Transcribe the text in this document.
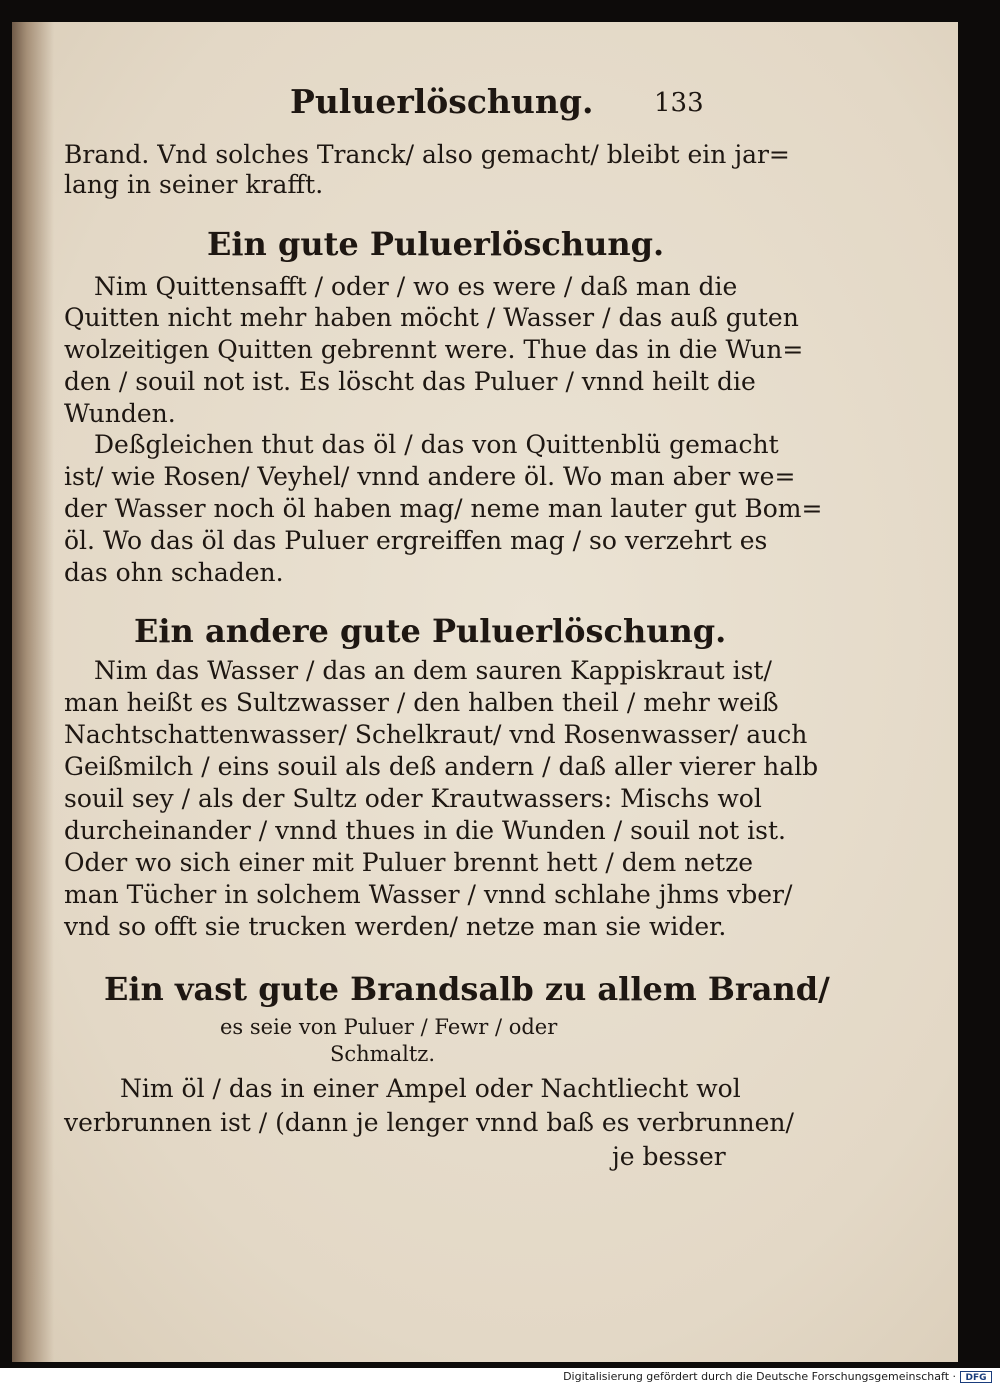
Puluerlöschung. 133
Brand. Vnd solches Tranck/ also gemacht/ bleibt ein jar=
lang in seiner krafft.
Ein gute Puluerlöschung.
Nim Quittensafft / oder / wo es were / daß man die
Quitten nicht mehr haben möcht / Wasser / das auß guten
wolzeitigen Quitten gebrennt were. Thue das in die Wun=
den / souil not ist. Es löscht das Puluer / vnnd heilt die
Wunden.
Deßgleichen thut das öl / das von Quittenblü gemacht
ist/ wie Rosen/ Veyhel/ vnnd andere öl. Wo man aber we=
der Wasser noch öl haben mag/ neme man lauter gut Bom=
öl. Wo das öl das Puluer ergreiffen mag / so verzehrt es
das ohn schaden.
Ein andere gute Puluerlöschung.
Nim das Wasser / das an dem sauren Kappiskraut ist/
man heißt es Sultzwasser / den halben theil / mehr weiß
Nachtschattenwasser/ Schelkraut/ vnd Rosenwasser/ auch
Geißmilch / eins souil als deß andern / daß aller vierer halb
souil sey / als der Sultz oder Krautwassers: Mischs wol
durcheinander / vnnd thues in die Wunden / souil not ist.
Oder wo sich einer mit Puluer brennt hett / dem netze
man Tücher in solchem Wasser / vnnd schlahe jhms vber/
vnd so offt sie trucken werden/ netze man sie wider.
Ein vast gute Brandsalb zu allem Brand/
es seie von Puluer / Fewr / oder
Schmaltz.
Nim öl / das in einer Ampel oder Nachtliecht wol
verbrunnen ist / (dann je lenger vnnd baß es verbrunnen/
je besser
Digitalisierung gefördert durch die Deutsche Forschungsgemeinschaft ·	DFG
